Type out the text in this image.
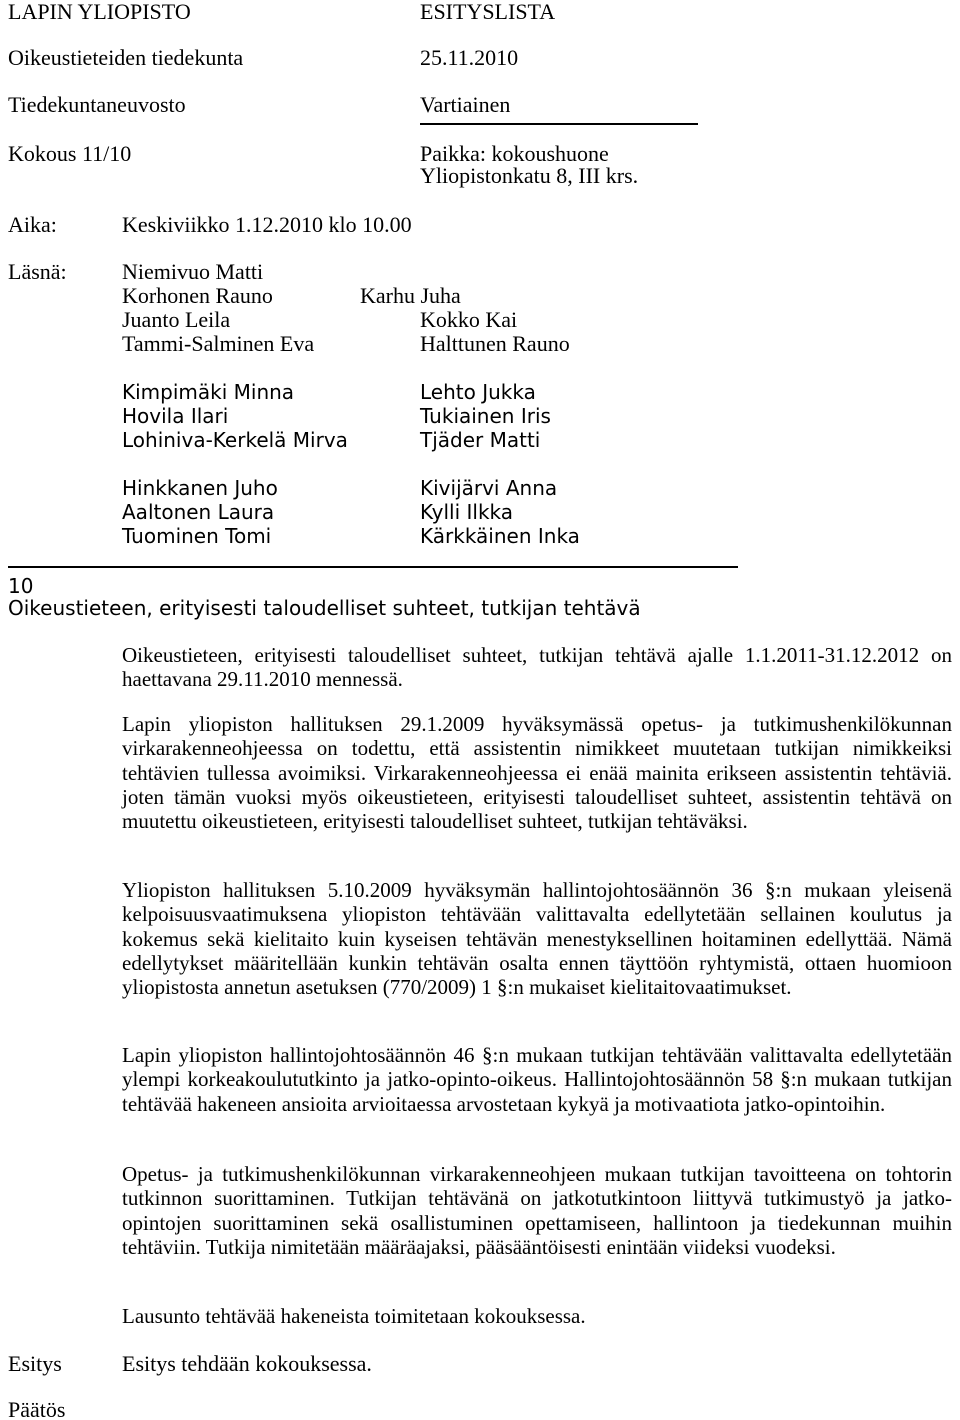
LAPIN YLIOPISTO	ESITYSLISTA
Oikeustieteiden tiedekunta	25.11.2010
Tiedekuntaneuvosto	Vartiainen
Kokous 11/10	Paikka: kokoushuone
Yliopistonkatu 8, III krs.
Aika:	Keskiviikko 1.12.2010 klo 10.00
Läsnä:	Niemivuo Matti
Korhonen Rauno	Karhu Juha
Juanto Leila	Kokko Kai
Tammi-Salminen Eva	Halttunen Rauno
Kimpimäki Minna	Lehto Jukka
Hovila Ilari	Tukiainen Iris
Lohiniva-Kerkelä Mirva	Tjäder Matti
Hinkkanen Juho	Kivijärvi Anna
Aaltonen Laura	Kylli Ilkka
Tuominen Tomi	Kärkkäinen Inka
10
Oikeustieteen, erityisesti taloudelliset suhteet, tutkijan tehtävä

Oikeustieteen, erityisesti taloudelliset suhteet, tutkijan tehtävä ajalle 1.1.2011-31.12.2012 on haettavana 29.11.2010 mennessä.

Lapin yliopiston hallituksen 29.1.2009 hyväksymässä opetus- ja tutkimushenkilökunnan virkarakenneohjeessa on todettu, että assistentin nimikkeet muutetaan tutkijan nimikkeiksi tehtävien tullessa avoimiksi. Virkarakenneohjeessa ei enää mainita erikseen assistentin tehtäviä. joten tämän vuoksi myös oikeustieteen, erityisesti taloudelliset suhteet, assistentin tehtävä on muutettu oikeustieteen, erityisesti taloudelliset suhteet, tutkijan tehtäväksi.

Yliopiston hallituksen 5.10.2009 hyväksymän hallintojohtosäännön 36 §:n mukaan yleisenä kelpoisuusvaatimuksena yliopiston tehtävään valittavalta edellytetään sellainen koulutus ja kokemus sekä kielitaito kuin kyseisen tehtävän menestyksellinen hoitaminen edellyttää. Nämä edellytykset määritellään kunkin tehtävän osalta ennen täyttöön ryhtymistä, ottaen huomioon yliopistosta annetun asetuksen (770/2009) 1 §:n mukaiset kielitaitovaatimukset.

Lapin yliopiston hallintojohtosäännön 46 §:n mukaan tutkijan tehtävään valittavalta edellytetään ylempi korkeakoulututkinto ja jatko-opinto-oikeus. Hallintojohtosäännön 58 §:n mukaan tutkijan tehtävää hakeneen ansioita arvioitaessa arvostetaan kykyä ja motivaatiota jatko-opintoihin.

Opetus- ja tutkimushenkilökunnan virkarakenneohjeen mukaan tutkijan tavoitteena on tohtorin tutkinnon suorittaminen. Tutkijan tehtävänä on jatkotutkintoon liittyvä tutkimustyö ja jatko-opintojen suorittaminen sekä osallistuminen opettamiseen, hallintoon ja tiedekunnan muihin tehtäviin. Tutkija nimitetään määräajaksi, pääsääntöisesti enintään viideksi vuodeksi.

Lausunto tehtävää hakeneista toimitetaan kokouksessa.

Esitys	Esitys tehdään kokouksessa.
Päätös
